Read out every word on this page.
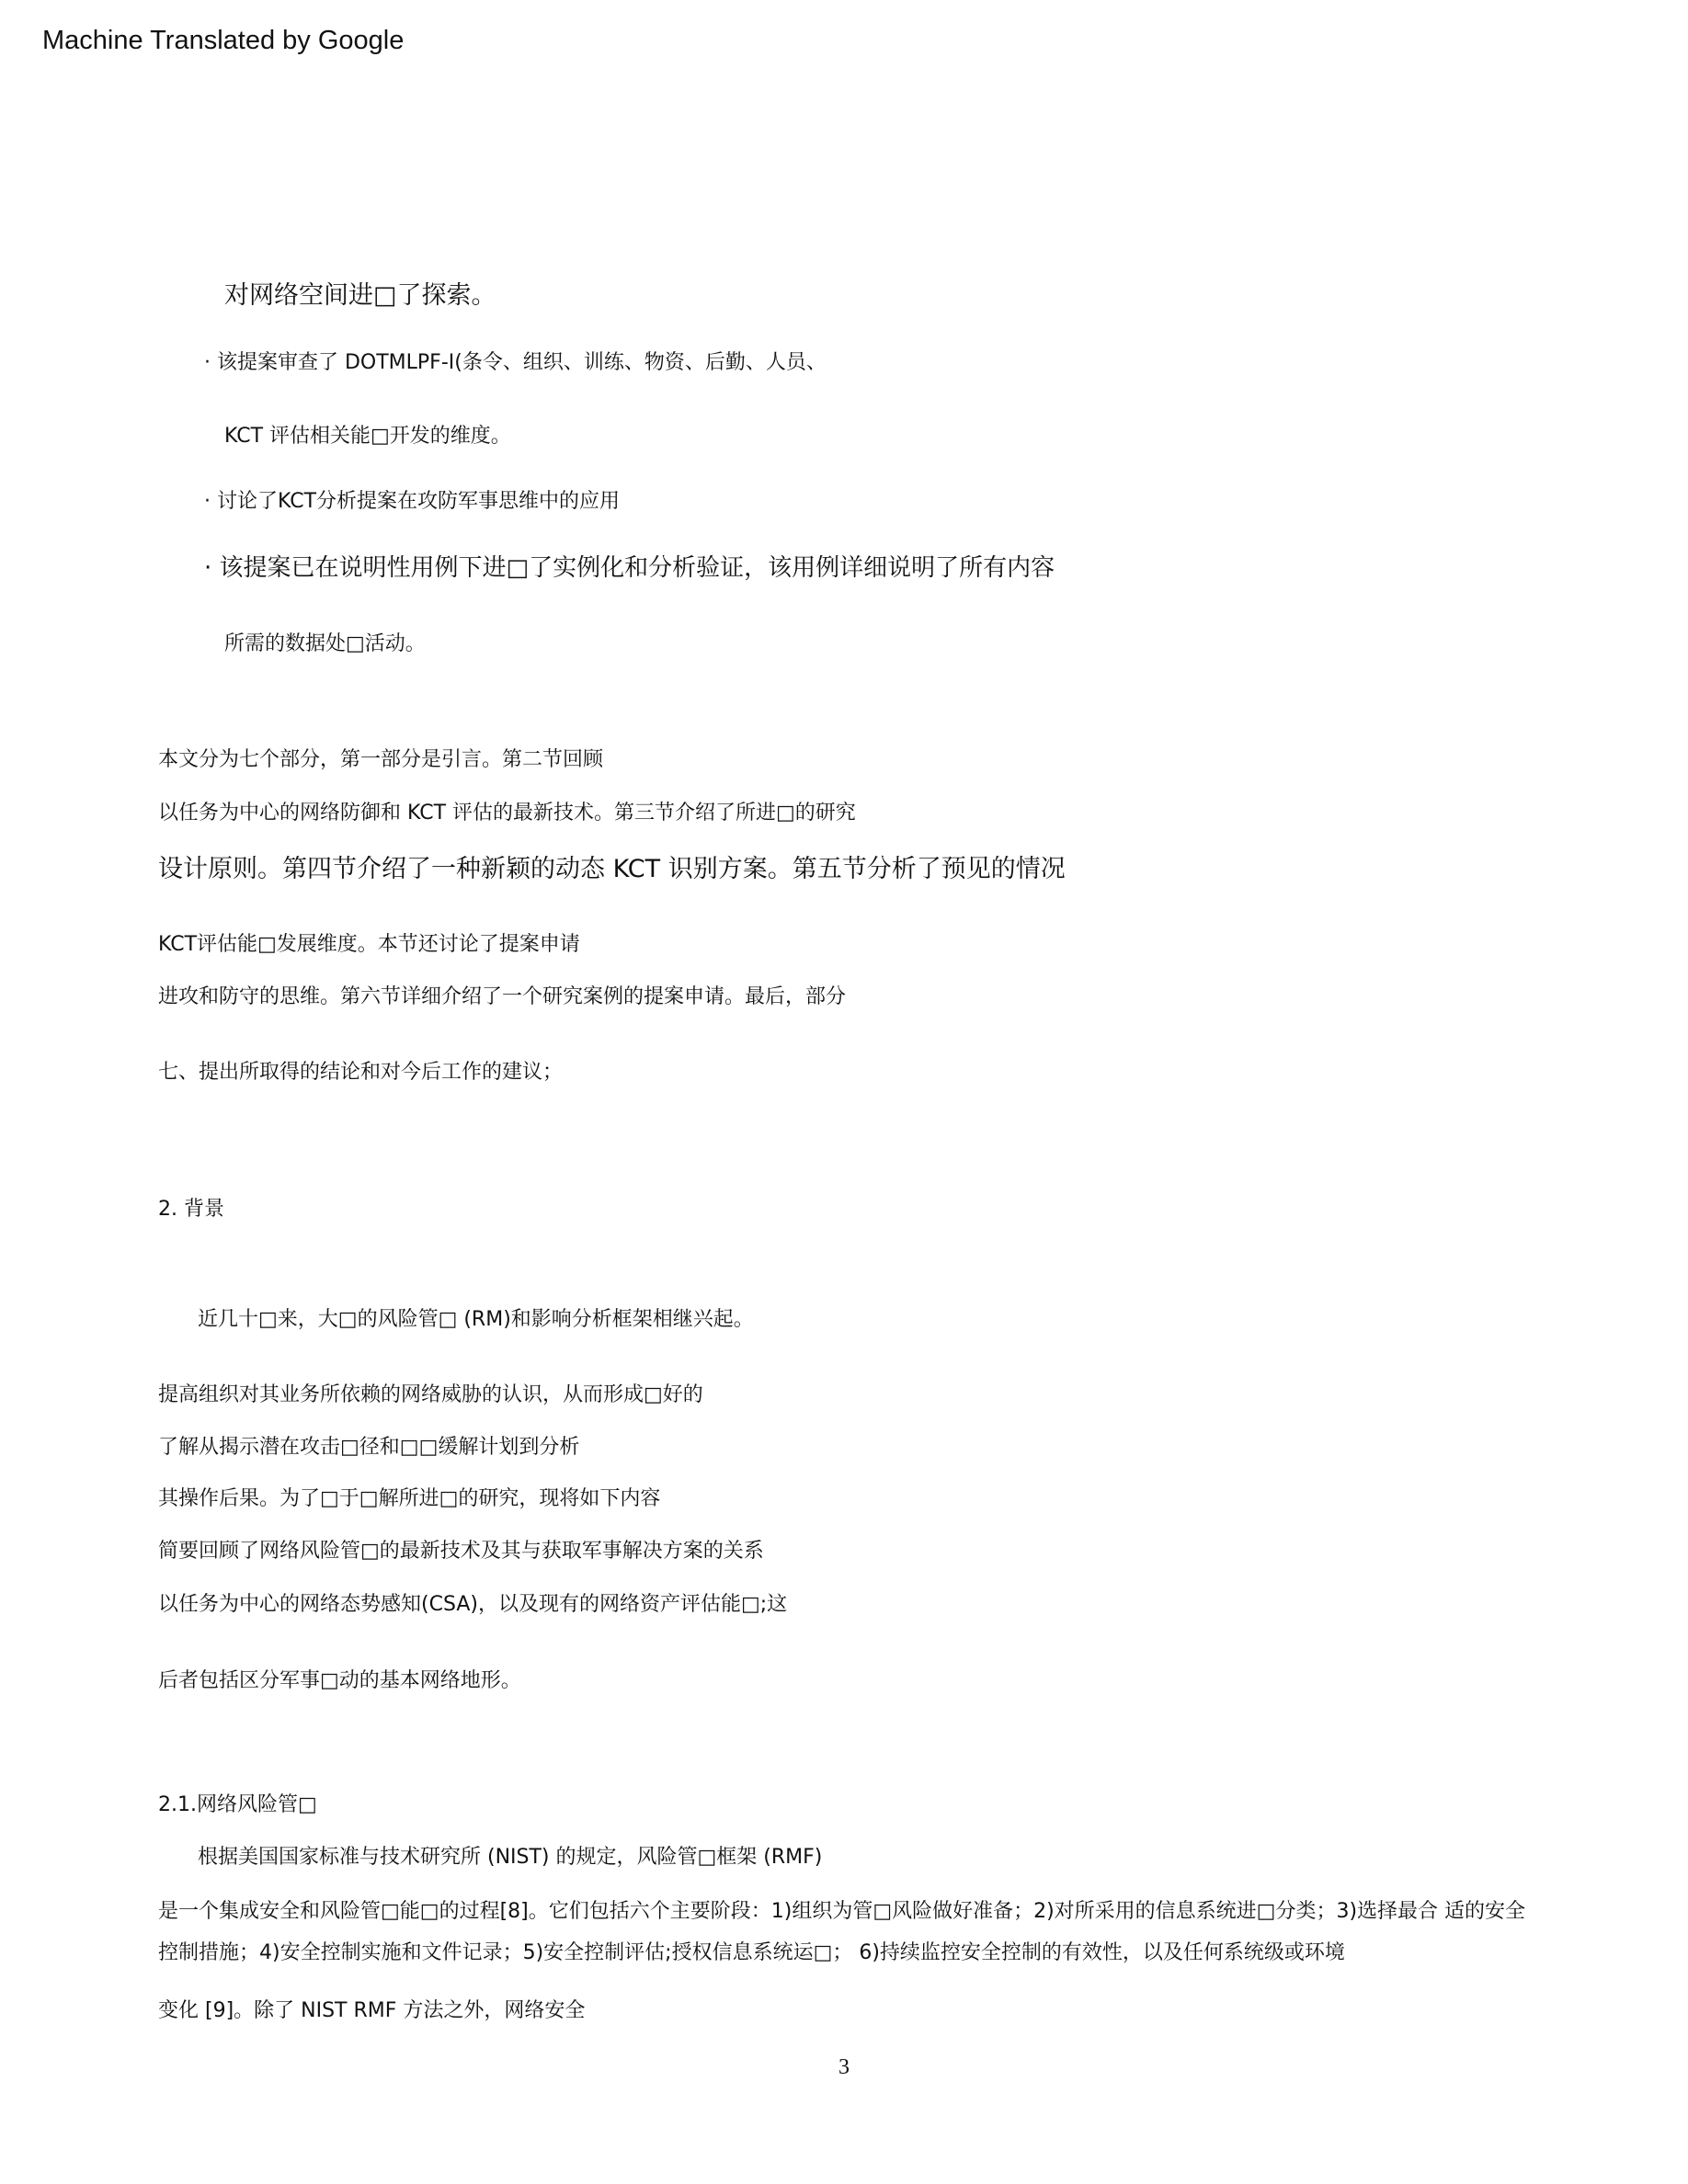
Machine Translated by Google
对网络空间进□了探索。
· 该提案审查了 DOTMLPF-I(条令、组织、训练、物资、后勤、人员、
KCT 评估相关能□开发的维度。
· 讨论了KCT分析提案在攻防军事思维中的应用
· 该提案已在说明性用例下进□了实例化和分析验证，该用例详细说明了所有内容
所需的数据处□活动。
本文分为七个部分，第一部分是引言。第二节回顾
以任务为中心的网络防御和 KCT 评估的最新技术。第三节介绍了所进□的研究
设计原则。第四节介绍了一种新颖的动态 KCT 识别方案。第五节分析了预见的情况
KCT评估能□发展维度。本节还讨论了提案申请
进攻和防守的思维。第六节详细介绍了一个研究案例的提案申请。最后，部分
七、提出所取得的结论和对今后工作的建议；
2. 背景
近几十□来，大□的风险管□ (RM)和影响分析框架相继兴起。
提高组织对其业务所依赖的网络威胁的认识，从而形成□好的
了解从揭示潜在攻击□径和□□缓解计划到分析
其操作后果。为了□于□解所进□的研究，现将如下内容
简要回顾了网络风险管□的最新技术及其与获取军事解决方案的关系
以任务为中心的网络态势感知(CSA)，以及现有的网络资产评估能□;这
后者包括区分军事□动的基本网络地形。
2.1.网络风险管□
根据美国国家标准与技术研究所 (NIST) 的规定，风险管□框架 (RMF)
是一个集成安全和风险管□能□的过程[8]。它们包括六个主要阶段：1)组织为管□风险做好准备；2)对所采用的信息系统进□分类；3)选择最合 适的安全
控制措施；4)安全控制实施和文件记录；5)安全控制评估;授权信息系统运□； 6)持续监控安全控制的有效性，以及任何系统级或环境
变化 [9]。除了 NIST RMF 方法之外，网络安全
3
